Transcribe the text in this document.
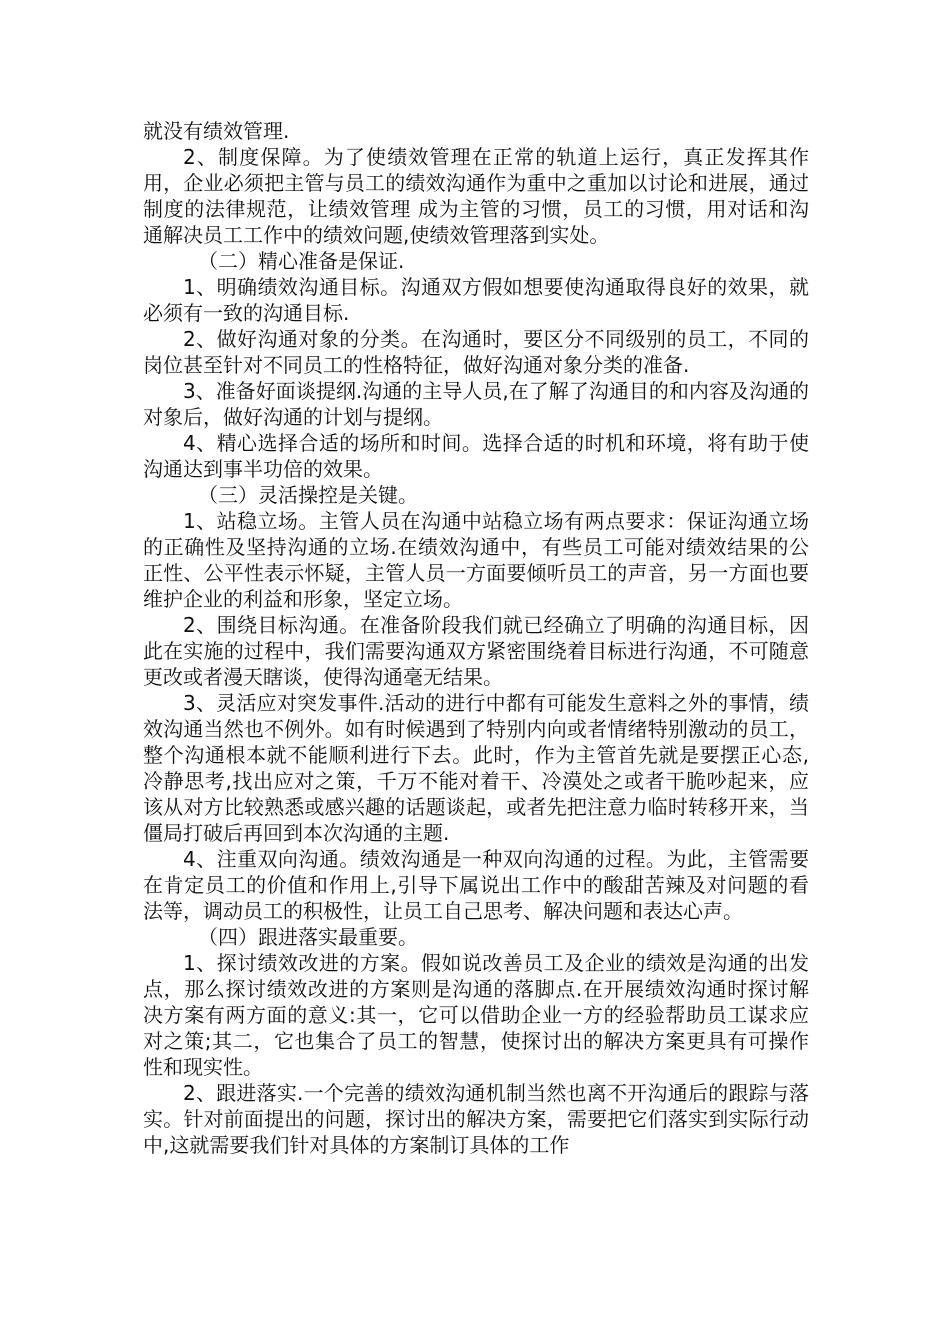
就没有绩效管理.

2、制度保障。为了使绩效管理在正常的轨道上运行，真正发挥其作用，企业必须把主管与员工的绩效沟通作为重中之重加以讨论和进展，通过制度的法律规范，让绩效管理 成为主管的习惯，员工的习惯，用对话和沟通解决员工工作中的绩效问题,使绩效管理落到实处。

（二）精心准备是保证.

1、明确绩效沟通目标。沟通双方假如想要使沟通取得良好的效果，就必须有一致的沟通目标.

2、做好沟通对象的分类。在沟通时，要区分不同级别的员工，不同的岗位甚至针对不同员工的性格特征，做好沟通对象分类的准备.

3、准备好面谈提纲.沟通的主导人员,在了解了沟通目的和内容及沟通的对象后，做好沟通的计划与提纲。

4、精心选择合适的场所和时间。选择合适的时机和环境，将有助于使沟通达到事半功倍的效果。

（三）灵活操控是关键。

1、站稳立场。主管人员在沟通中站稳立场有两点要求：保证沟通立场的正确性及坚持沟通的立场.在绩效沟通中，有些员工可能对绩效结果的公正性、公平性表示怀疑，主管人员一方面要倾听员工的声音，另一方面也要维护企业的利益和形象，坚定立场。

2、围绕目标沟通。在准备阶段我们就已经确立了明确的沟通目标，因此在实施的过程中，我们需要沟通双方紧密围绕着目标进行沟通，不可随意更改或者漫天瞎谈，使得沟通毫无结果。

3、灵活应对突发事件.活动的进行中都有可能发生意料之外的事情，绩效沟通当然也不例外。如有时候遇到了特别内向或者情绪特别激动的员工，整个沟通根本就不能顺利进行下去。此时，作为主管首先就是要摆正心态,冷静思考,找出应对之策，千万不能对着干、冷漠处之或者干脆吵起来，应该从对方比较熟悉或感兴趣的话题谈起，或者先把注意力临时转移开来，当僵局打破后再回到本次沟通的主题.

4、注重双向沟通。绩效沟通是一种双向沟通的过程。为此，主管需要在肯定员工的价值和作用上,引导下属说出工作中的酸甜苦辣及对问题的看法等，调动员工的积极性，让员工自己思考、解决问题和表达心声。

（四）跟进落实最重要。

1、探讨绩效改进的方案。假如说改善员工及企业的绩效是沟通的出发点，那么探讨绩效改进的方案则是沟通的落脚点.在开展绩效沟通时探讨解决方案有两方面的意义:其一，它可以借助企业一方的经验帮助员工谋求应对之策;其二，它也集合了员工的智慧，使探讨出的解决方案更具有可操作性和现实性。

2、跟进落实.一个完善的绩效沟通机制当然也离不开沟通后的跟踪与落实。针对前面提出的问题，探讨出的解决方案，需要把它们落实到实际行动中,这就需要我们针对具体的方案制订具体的工作
